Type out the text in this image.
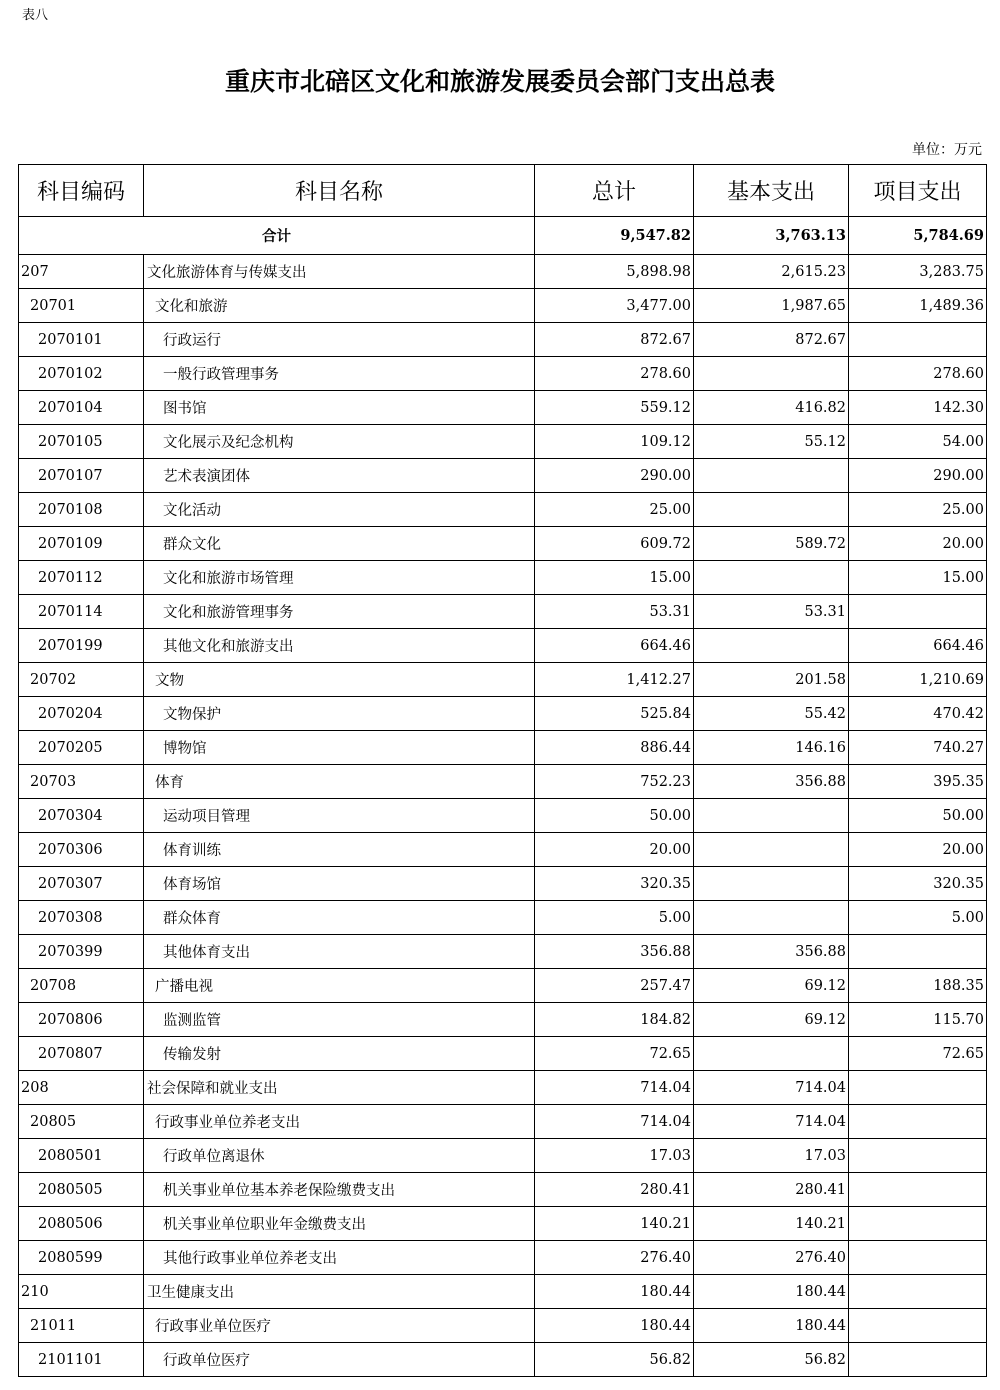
表八
重庆市北碚区文化和旅游发展委员会部门支出总表
单位：万元
科目编码	科目名称	总计	基本支出	项目支出
合计		9,547.82	3,763.13	5,784.69
207	文化旅游体育与传媒支出	5,898.98	2,615.23	3,283.75
20701	文化和旅游	3,477.00	1,987.65	1,489.36
2070101	行政运行	872.67	872.67	
2070102	一般行政管理事务	278.60		278.60
2070104	图书馆	559.12	416.82	142.30
2070105	文化展示及纪念机构	109.12	55.12	54.00
2070107	艺术表演团体	290.00		290.00
2070108	文化活动	25.00		25.00
2070109	群众文化	609.72	589.72	20.00
2070112	文化和旅游市场管理	15.00		15.00
2070114	文化和旅游管理事务	53.31	53.31	
2070199	其他文化和旅游支出	664.46		664.46
20702	文物	1,412.27	201.58	1,210.69
2070204	文物保护	525.84	55.42	470.42
2070205	博物馆	886.44	146.16	740.27
20703	体育	752.23	356.88	395.35
2070304	运动项目管理	50.00		50.00
2070306	体育训练	20.00		20.00
2070307	体育场馆	320.35		320.35
2070308	群众体育	5.00		5.00
2070399	其他体育支出	356.88	356.88	
20708	广播电视	257.47	69.12	188.35
2070806	监测监管	184.82	69.12	115.70
2070807	传输发射	72.65		72.65
208	社会保障和就业支出	714.04	714.04	
20805	行政事业单位养老支出	714.04	714.04	
2080501	行政单位离退休	17.03	17.03	
2080505	机关事业单位基本养老保险缴费支出	280.41	280.41	
2080506	机关事业单位职业年金缴费支出	140.21	140.21	
2080599	其他行政事业单位养老支出	276.40	276.40	
210	卫生健康支出	180.44	180.44	
21011	行政事业单位医疗	180.44	180.44	
2101101	行政单位医疗	56.82	56.82	
